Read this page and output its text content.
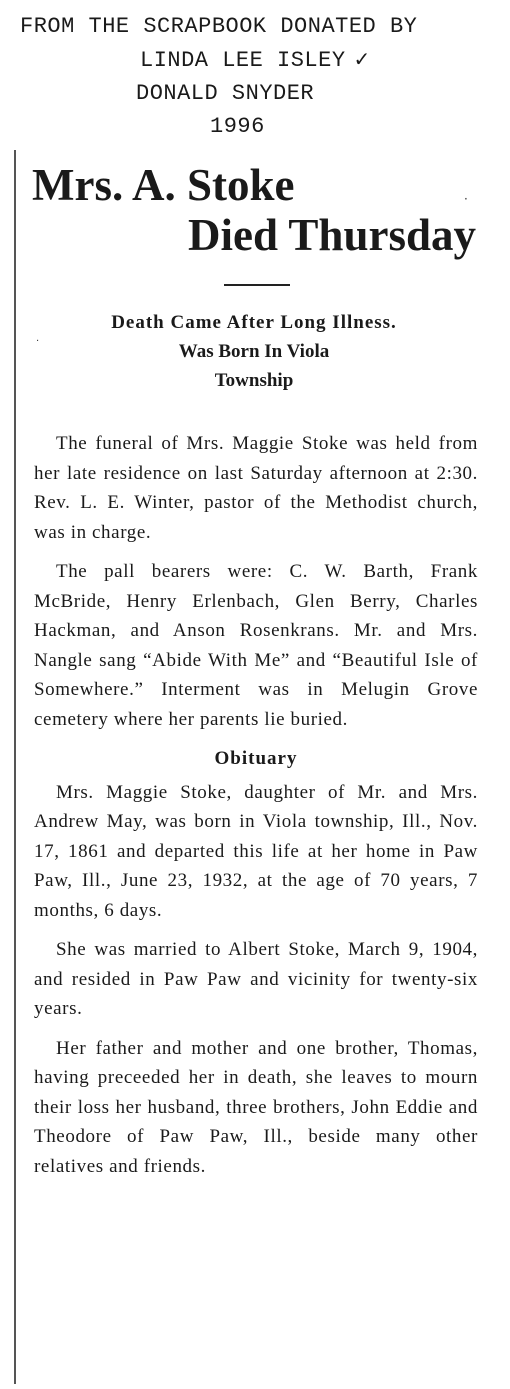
FROM THE SCRAPBOOK DONATED BY
LINDA LEE ISLEY ✓
DONALD SNYDER
1996
Mrs. A. Stoke
Died Thursday
Death Came After Long Illness.
Was Born In Viola
Township

The funeral of Mrs. Maggie Stoke was held from her late residence on last Saturday afternoon at 2:30. Rev. L. E. Winter, pastor of the Methodist church, was in charge.

The pall bearers were: C. W. Barth, Frank McBride, Henry Erlenbach, Glen Berry, Charles Hackman, and Anson Rosenkrans. Mr. and Mrs. Nangle sang “Abide With Me” and “Beautiful Isle of Somewhere.” Interment was in Melugin Grove cemetery where her parents lie buried.

Obituary

Mrs. Maggie Stoke, daughter of Mr. and Mrs. Andrew May, was born in Viola township, Ill., Nov. 17, 1861 and departed this life at her home in Paw Paw, Ill., June 23, 1932, at the age of 70 years, 7 months, 6 days.

She was married to Albert Stoke, March 9, 1904, and resided in Paw Paw and vicinity for twenty-six years.

Her father and mother and one brother, Thomas, having preceeded her in death, she leaves to mourn their loss her husband, three brothers, John Eddie and Theodore of Paw Paw, Ill., beside many other relatives and friends.

·
·
